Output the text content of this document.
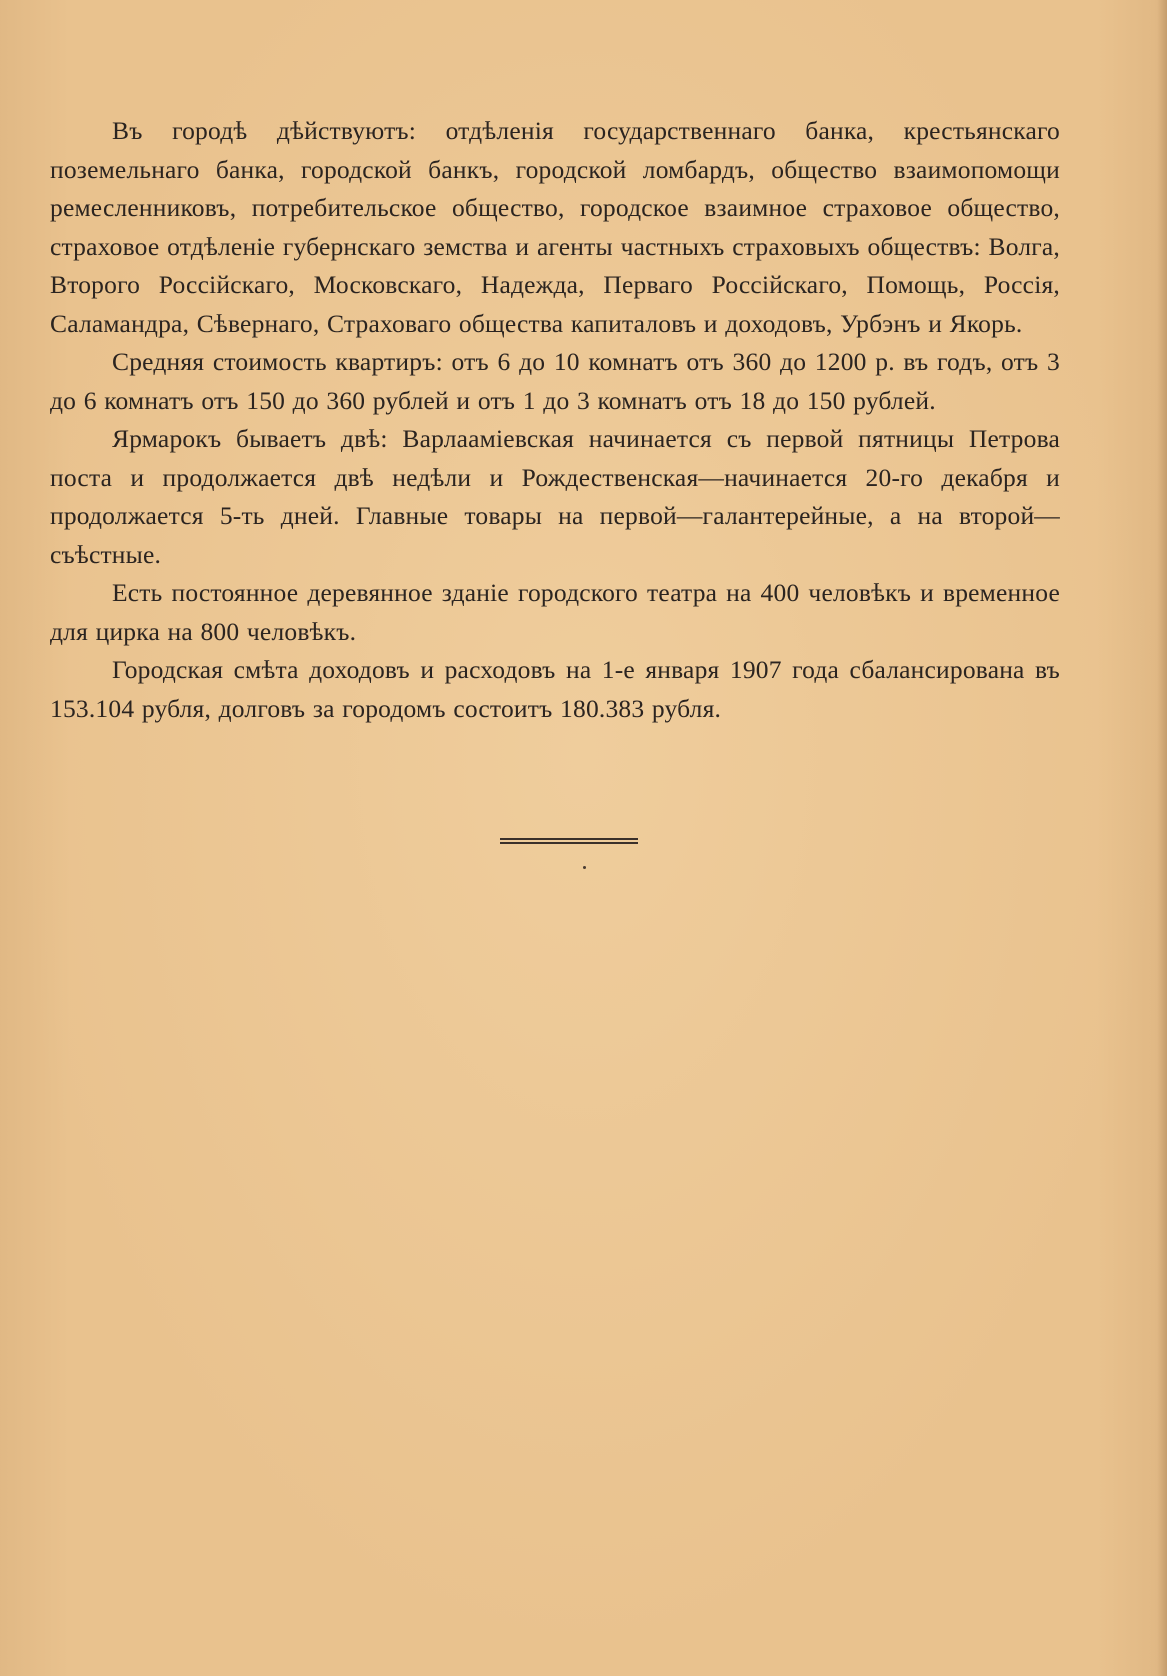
Въ городѣ дѣйствуютъ: отдѣленія государственнаго банка, крестьянскаго поземельнаго банка, городской банкъ, городской ломбардъ, общество взаимопомощи ремесленниковъ, потребительское общество, городское взаимное страховое общество, страховое отдѣленіе губернскаго земства и агенты частныхъ страховыхъ обществъ: Волга, Второго Россійскаго, Московскаго, Надежда, Перваго Россійскаго, Помощь, Россія, Саламандра, Сѣвернаго, Страховаго общества капиталовъ и доходовъ, Урбэнъ и Якорь.

Средняя стоимость квартиръ: отъ 6 до 10 комнатъ отъ 360 до 1200 р. въ годъ, отъ 3 до 6 комнатъ отъ 150 до 360 рублей и отъ 1 до 3 комнатъ отъ 18 до 150 рублей.

Ярмарокъ бываетъ двѣ: Варлааміевская начинается съ первой пятницы Петрова поста и продолжается двѣ недѣли и Рождественская—начинается 20-го декабря и продолжается 5-ть дней. Главные товары на первой—галантерейные, а на второй—съѣстные.

Есть постоянное деревянное зданіе городского театра на 400 человѣкъ и временное для цирка на 800 человѣкъ.

Городская смѣта доходовъ и расходовъ на 1-е января 1907 года сбалансирована въ 153.104 рубля, долговъ за городомъ состоитъ 180.383 рубля.
